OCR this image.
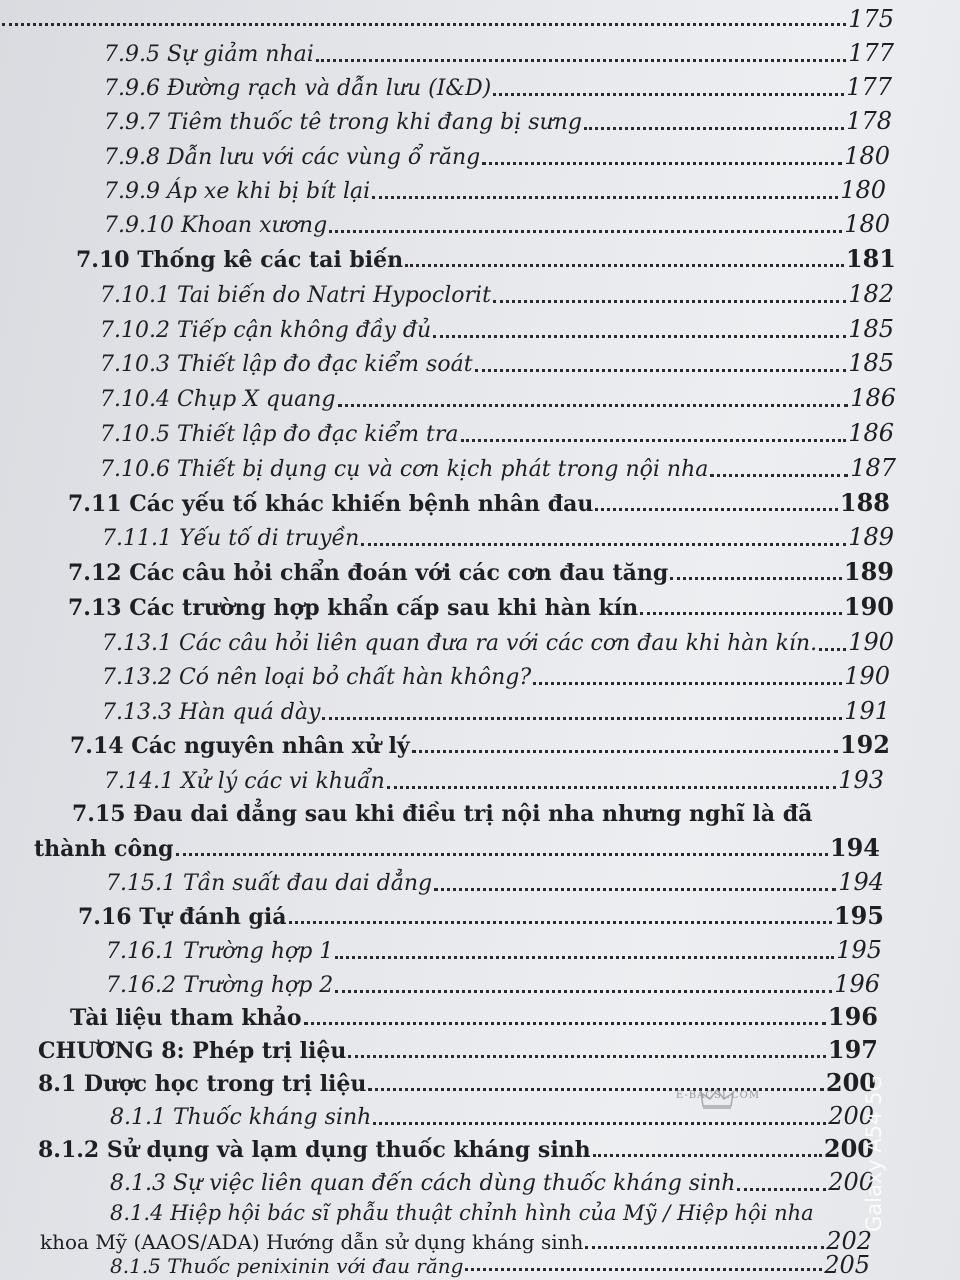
175
7.9.5 Sự giảm nhai	177
7.9.6 Đường rạch và dẫn lưu (I&D)	177
7.9.7 Tiêm thuốc tê trong khi đang bị sưng	178
7.9.8 Dẫn lưu với các vùng ổ răng	180
7.9.9 Áp xe khi bị bít lại	180
7.9.10 Khoan xương	180
7.10 Thống kê các tai biến	181
7.10.1 Tai biến do Natri Hypoclorit	182
7.10.2 Tiếp cận không đầy đủ	185
7.10.3 Thiết lập đo đạc kiểm soát	185
7.10.4 Chụp X quang	186
7.10.5 Thiết lập đo đạc kiểm tra	186
7.10.6 Thiết bị dụng cụ và cơn kịch phát trong nội nha	187
7.11 Các yếu tố khác khiến bệnh nhân đau	188
7.11.1 Yếu tố di truyền	189
7.12 Các câu hỏi chẩn đoán với các cơn đau tăng	189
7.13 Các trường hợp khẩn cấp sau khi hàn kín	190
7.13.1 Các câu hỏi liên quan đưa ra với các cơn đau khi hàn kín. 190
7.13.2 Có nên loại bỏ chất hàn không?	190
7.13.3 Hàn quá dày	191
7.14 Các nguyên nhân xử lý	192
7.14.1 Xử lý các vi khuẩn	193
7.15 Đau dai dẳng sau khi điều trị nội nha nhưng nghĩ là đã
thành công	194
7.15.1 Tần suất đau dai dẳng	194
7.16 Tự đánh giá	195
7.16.1 Trường hợp 1	195
7.16.2 Trường hợp 2	196
Tài liệu tham khảo	196
CHƯƠNG 8: Phép trị liệu	197
8.1 Dược học trong trị liệu	200
8.1.1 Thuốc kháng sinh	200
8.1.2 Sử dụng và lạm dụng thuốc kháng sinh	200
8.1.3 Sự việc liên quan đến cách dùng thuốc kháng sinh	200
8.1.4 Hiệp hội bác sĩ phẫu thuật chỉnh hình của Mỹ / Hiệp hội nha
khoa Mỹ (AAOS/ADA) Hướng dẫn sử dụng kháng sinh	202
8.1.5 Thuốc penixinin với đau răng	205
E-BACSI.COM	Galaxy A54 5G
